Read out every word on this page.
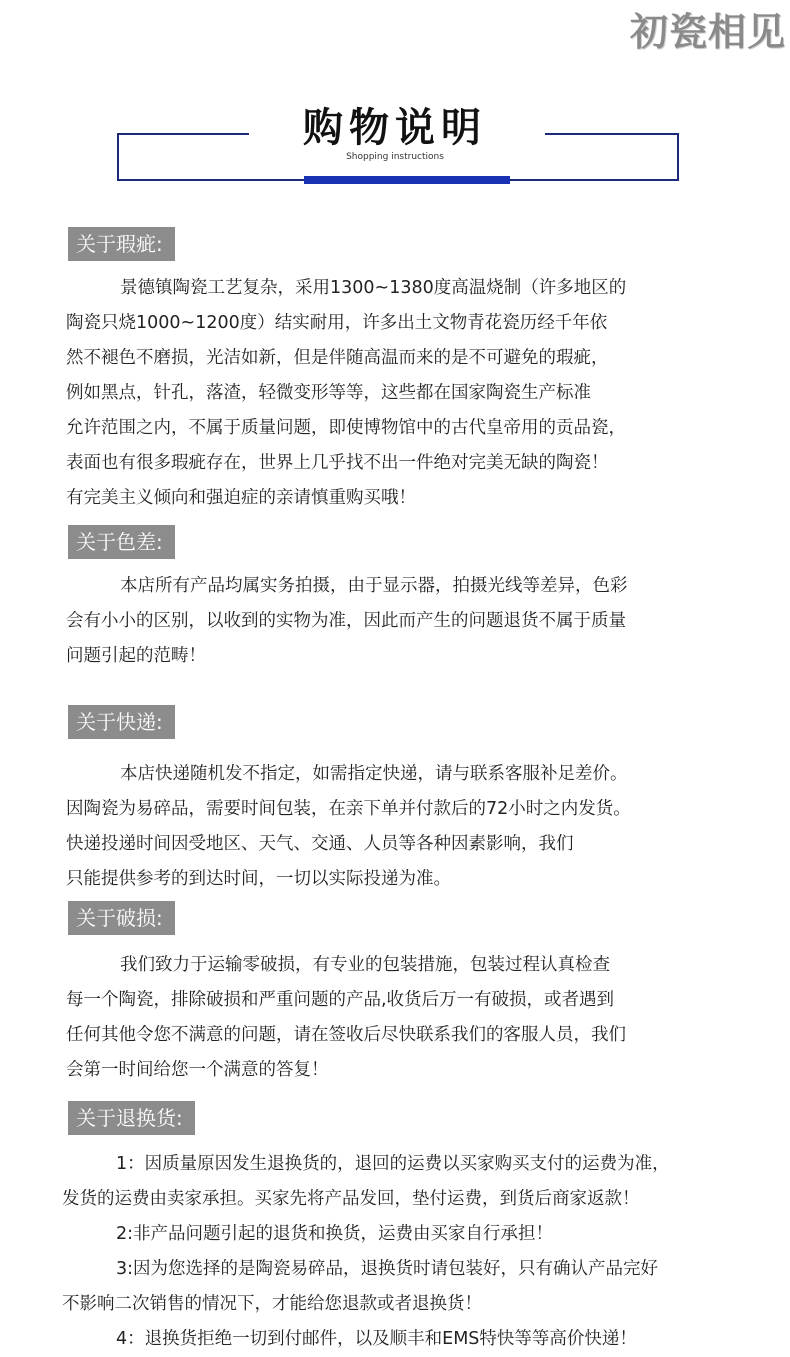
初瓷相见
购物说明
Shopping instructions
关于瑕疵:
景德镇陶瓷工艺复杂，采用1300~1380度高温烧制（许多地区的
陶瓷只烧1000~1200度）结实耐用，许多出土文物青花瓷历经千年依
然不褪色不磨损，光洁如新，但是伴随高温而来的是不可避免的瑕疵，
例如黑点，针孔，落渣，轻微变形等等，这些都在国家陶瓷生产标准
允许范围之内，不属于质量问题，即使博物馆中的古代皇帝用的贡品瓷，
表面也有很多瑕疵存在，世界上几乎找不出一件绝对完美无缺的陶瓷！
有完美主义倾向和强迫症的亲请慎重购买哦！
关于色差:
本店所有产品均属实务拍摄，由于显示器，拍摄光线等差异，色彩
会有小小的区别，以收到的实物为准，因此而产生的问题退货不属于质量
问题引起的范畴！
关于快递:
本店快递随机发不指定，如需指定快递，请与联系客服补足差价。
因陶瓷为易碎品，需要时间包装，在亲下单并付款后的72小时之内发货。
快递投递时间因受地区、天气、交通、人员等各种因素影响，我们
只能提供参考的到达时间，一切以实际投递为准。
关于破损:
我们致力于运输零破损，有专业的包装措施，包装过程认真检查
每一个陶瓷，排除破损和严重问题的产品,收货后万一有破损，或者遇到
任何其他令您不满意的问题，请在签收后尽快联系我们的客服人员，我们
会第一时间给您一个满意的答复！
关于退换货:
1：因质量原因发生退换货的，退回的运费以买家购买支付的运费为准，
发货的运费由卖家承担。买家先将产品发回，垫付运费，到货后商家返款！
2:非产品问题引起的退货和换货，运费由买家自行承担！
3:因为您选择的是陶瓷易碎品，退换货时请包装好，只有确认产品完好
不影响二次销售的情况下，才能给您退款或者退换货！
4：退换货拒绝一切到付邮件，以及顺丰和EMS特快等等高价快递！
